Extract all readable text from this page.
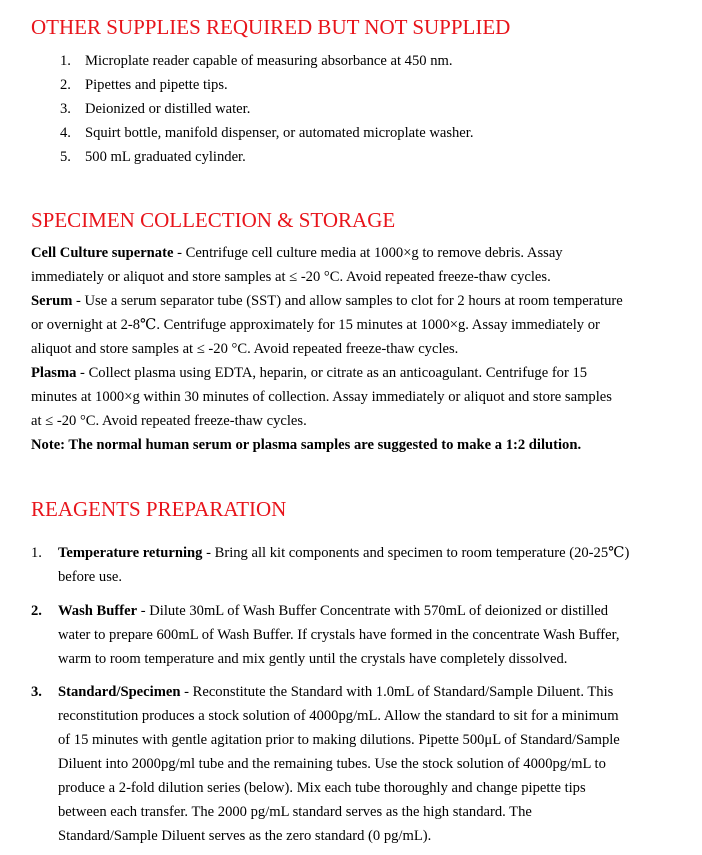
OTHER SUPPLIES REQUIRED BUT NOT SUPPLIED
1. Microplate reader capable of measuring absorbance at 450 nm.
2. Pipettes and pipette tips.
3. Deionized or distilled water.
4. Squirt bottle, manifold dispenser, or automated microplate washer.
5. 500 mL graduated cylinder.
SPECIMEN COLLECTION & STORAGE
Cell Culture supernate - Centrifuge cell culture media at 1000×g to remove debris. Assay
immediately or aliquot and store samples at ≤ -20 °C. Avoid repeated freeze-thaw cycles.
Serum - Use a serum separator tube (SST) and allow samples to clot for 2 hours at room temperature
or overnight at 2-8℃. Centrifuge approximately for 15 minutes at 1000×g. Assay immediately or
aliquot and store samples at ≤ -20 °C. Avoid repeated freeze-thaw cycles.
Plasma - Collect plasma using EDTA, heparin, or citrate as an anticoagulant. Centrifuge for 15
minutes at 1000×g within 30 minutes of collection. Assay immediately or aliquot and store samples
at ≤ -20 °C. Avoid repeated freeze-thaw cycles.
Note: The normal human serum or plasma samples are suggested to make a 1:2 dilution.
REAGENTS PREPARATION
1. Temperature returning - Bring all kit components and specimen to room temperature (20-25℃)
before use.
2. Wash Buffer - Dilute 30mL of Wash Buffer Concentrate with 570mL of deionized or distilled
water to prepare 600mL of Wash Buffer. If crystals have formed in the concentrate Wash Buffer,
warm to room temperature and mix gently until the crystals have completely dissolved.
3. Standard/Specimen - Reconstitute the Standard with 1.0mL of Standard/Sample Diluent. This
reconstitution produces a stock solution of 4000pg/mL. Allow the standard to sit for a minimum
of 15 minutes with gentle agitation prior to making dilutions. Pipette 500μL of Standard/Sample
Diluent into 2000pg/ml tube and the remaining tubes. Use the stock solution of 4000pg/mL to
produce a 2-fold dilution series (below). Mix each tube thoroughly and change pipette tips
between each transfer. The 2000 pg/mL standard serves as the high standard. The
Standard/Sample Diluent serves as the zero standard (0 pg/mL).
